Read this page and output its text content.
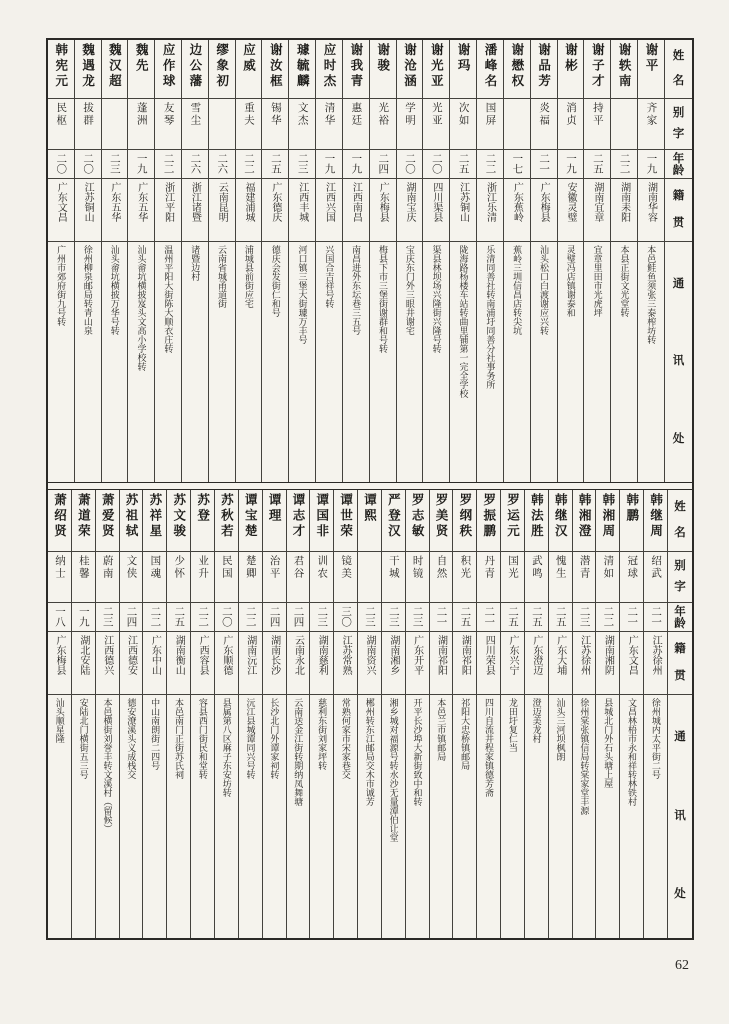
姓
名
别
字
年
龄
籍
贯
通
讯
处
谢平
齐家
一九
湖南华容
本邑鲑鱼须张三泰榨坊转
谢轶南
二二
湖南耒阳
本县正街文光堂转
谢子才
持平
二五
湖南宜章
宜章里田市光虎坪
谢彬
消贞
一九
安徽灵璧
灵璧冯店镇谢泰和
谢品芳
炎福
二一
广东梅县
汕头松口白渡谢应兴转
谢懋权
一七
广东蕉岭
蕉岭三圳信昌店转尖坑
潘峰名
国屏
二二
浙江乐清
乐清同善社转南浦圩同善分社事务所
谢玛
次如
二五
江苏铜山
陇海路杨楼车站转曲里铺第一完全学校
谢光亚
光亚
二〇
四川渠县
渠县林坝场兴隆街兴隆号转
谢沧涵
学明
二〇
湖南宝庆
宝庆东门外三眼井谢宅
谢骏
光裕
二四
广东梅县
梅县下市三堡街谢群和号转
谢我青
惠廷
一九
江西南昌
南昌进外东坛巷三五号
应时杰
清华
一九
江西兴国
兴国合吉祥号转
璩毓麟
文杰
二三
江西丰城
河口镇三堡大街璩万丰号
谢汝框
锡华
二五
广东德庆
德庆会发街仁和号
应威
重夫
二二
福建浦城
浦城县前街应宅
缪象初
二六
云南昆明
云南省城甬道街
边公藩
雪尘
二六
浙江诸暨
诸暨边村
应作球
友琴
二二
浙江平阳
温州平阳大街陈大顺衣庄转
魏先
蓬洲
一九
广东五华
汕头畲坑横披岌头文高小学校转
魏汉超
二三
广东五华
汕头畲坑横披万华号转
魏遇龙
拔群
二〇
江苏铜山
徐州柳泉邮局转青山泉
韩宪元
民枢
二〇
广东文昌
广州市郊府街九号转
姓
名
别
字
年
龄
籍
贯
通
讯
处
韩继周
绍武
二一
江苏徐州
徐州城内太平街二号
韩鹏
冠球
二一
广东文昌
文昌林梧市永和祥转林铁村
韩湘周
清如
二二
湖南湘阴
县城北门外石头塘上屋
韩湘澄
潜青
二三
江苏徐州
徐州棠张镇信局转棠家堂丰源
韩继汉
愧生
二五
广东大埔
汕头三河坝枫朗
韩法胜
武鸣
二五
广东澄迈
澄迈美龙村
罗运元
国光
二五
广东兴宁
龙田圩复仁当
罗振鹏
丹青
二一
四川荣县
四川自流井程家镇德芳斋
罗纲秩
积光
二五
湖南祁阳
祁阳大忠桥镇邮局
罗美贤
自然
二一
湖南祁阳
本邑兰市镇邮局
罗志敏
时镜
二三
广东开平
开平长沙埠大新街致中和转
严登汉
干城
二三
湖南湘乡
湘乡城对福源号转水沙无量潭伯让堂
谭熙
二三
湖南资兴
郴州转东江邮局交木市诚芳
谭世荣
镜美
三〇
江苏常熟
常熟何家市宋家巷交
谭国非
训农
二三
湖南慈利
慈利东街刘家坪转
谭志才
君谷
二四
云南永北
云南送金江街转期纳凤舞塘
谭理
治平
二四
湖南长沙
长沙北门外谭家祠转
谭宝楚
楚卿
二二
湖南沅江
沅江县城谭同兴号转
苏秋若
民国
二〇
广东顺德
县属第八区麻子东安坊转
苏登
业升
二二
广西容县
容县西门街民和堂转
苏文骏
少怀
二五
湖南衡山
本邑南门正街苏氏祠
苏祥星
国魂
二二
广东中山
中山南朗街二四号
苏祖轼
文侠
二四
江西德安
德安潦溪头义成栈交
萧爱贤
蔚南
二三
江西德兴
本邑横街刘誉丰转文溪村（留候）
萧道荣
桂馨
一九
湖北安陆
安陆北门横街五三号
萧绍贤
纳士
一八
广东梅县
汕头顺星隆
62
